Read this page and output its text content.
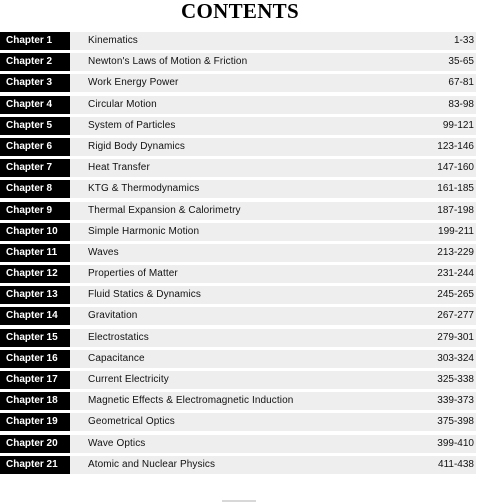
CONTENTS
Chapter 1	Kinematics	1-33
Chapter 2	Newton's Laws of Motion & Friction	35-65
Chapter 3	Work Energy Power	67-81
Chapter 4	Circular Motion	83-98
Chapter 5	System of Particles	99-121
Chapter 6	Rigid Body Dynamics	123-146
Chapter 7	Heat Transfer	147-160
Chapter 8	KTG & Thermodynamics	161-185
Chapter 9	Thermal Expansion & Calorimetry	187-198
Chapter 10	Simple Harmonic Motion	199-211
Chapter 11	Waves	213-229
Chapter 12	Properties of Matter	231-244
Chapter 13	Fluid Statics & Dynamics	245-265
Chapter 14	Gravitation	267-277
Chapter 15	Electrostatics	279-301
Chapter 16	Capacitance	303-324
Chapter 17	Current Electricity	325-338
Chapter 18	Magnetic Effects & Electromagnetic Induction	339-373
Chapter 19	Geometrical Optics	375-398
Chapter 20	Wave Optics	399-410
Chapter 21	Atomic and Nuclear Physics	411-438
